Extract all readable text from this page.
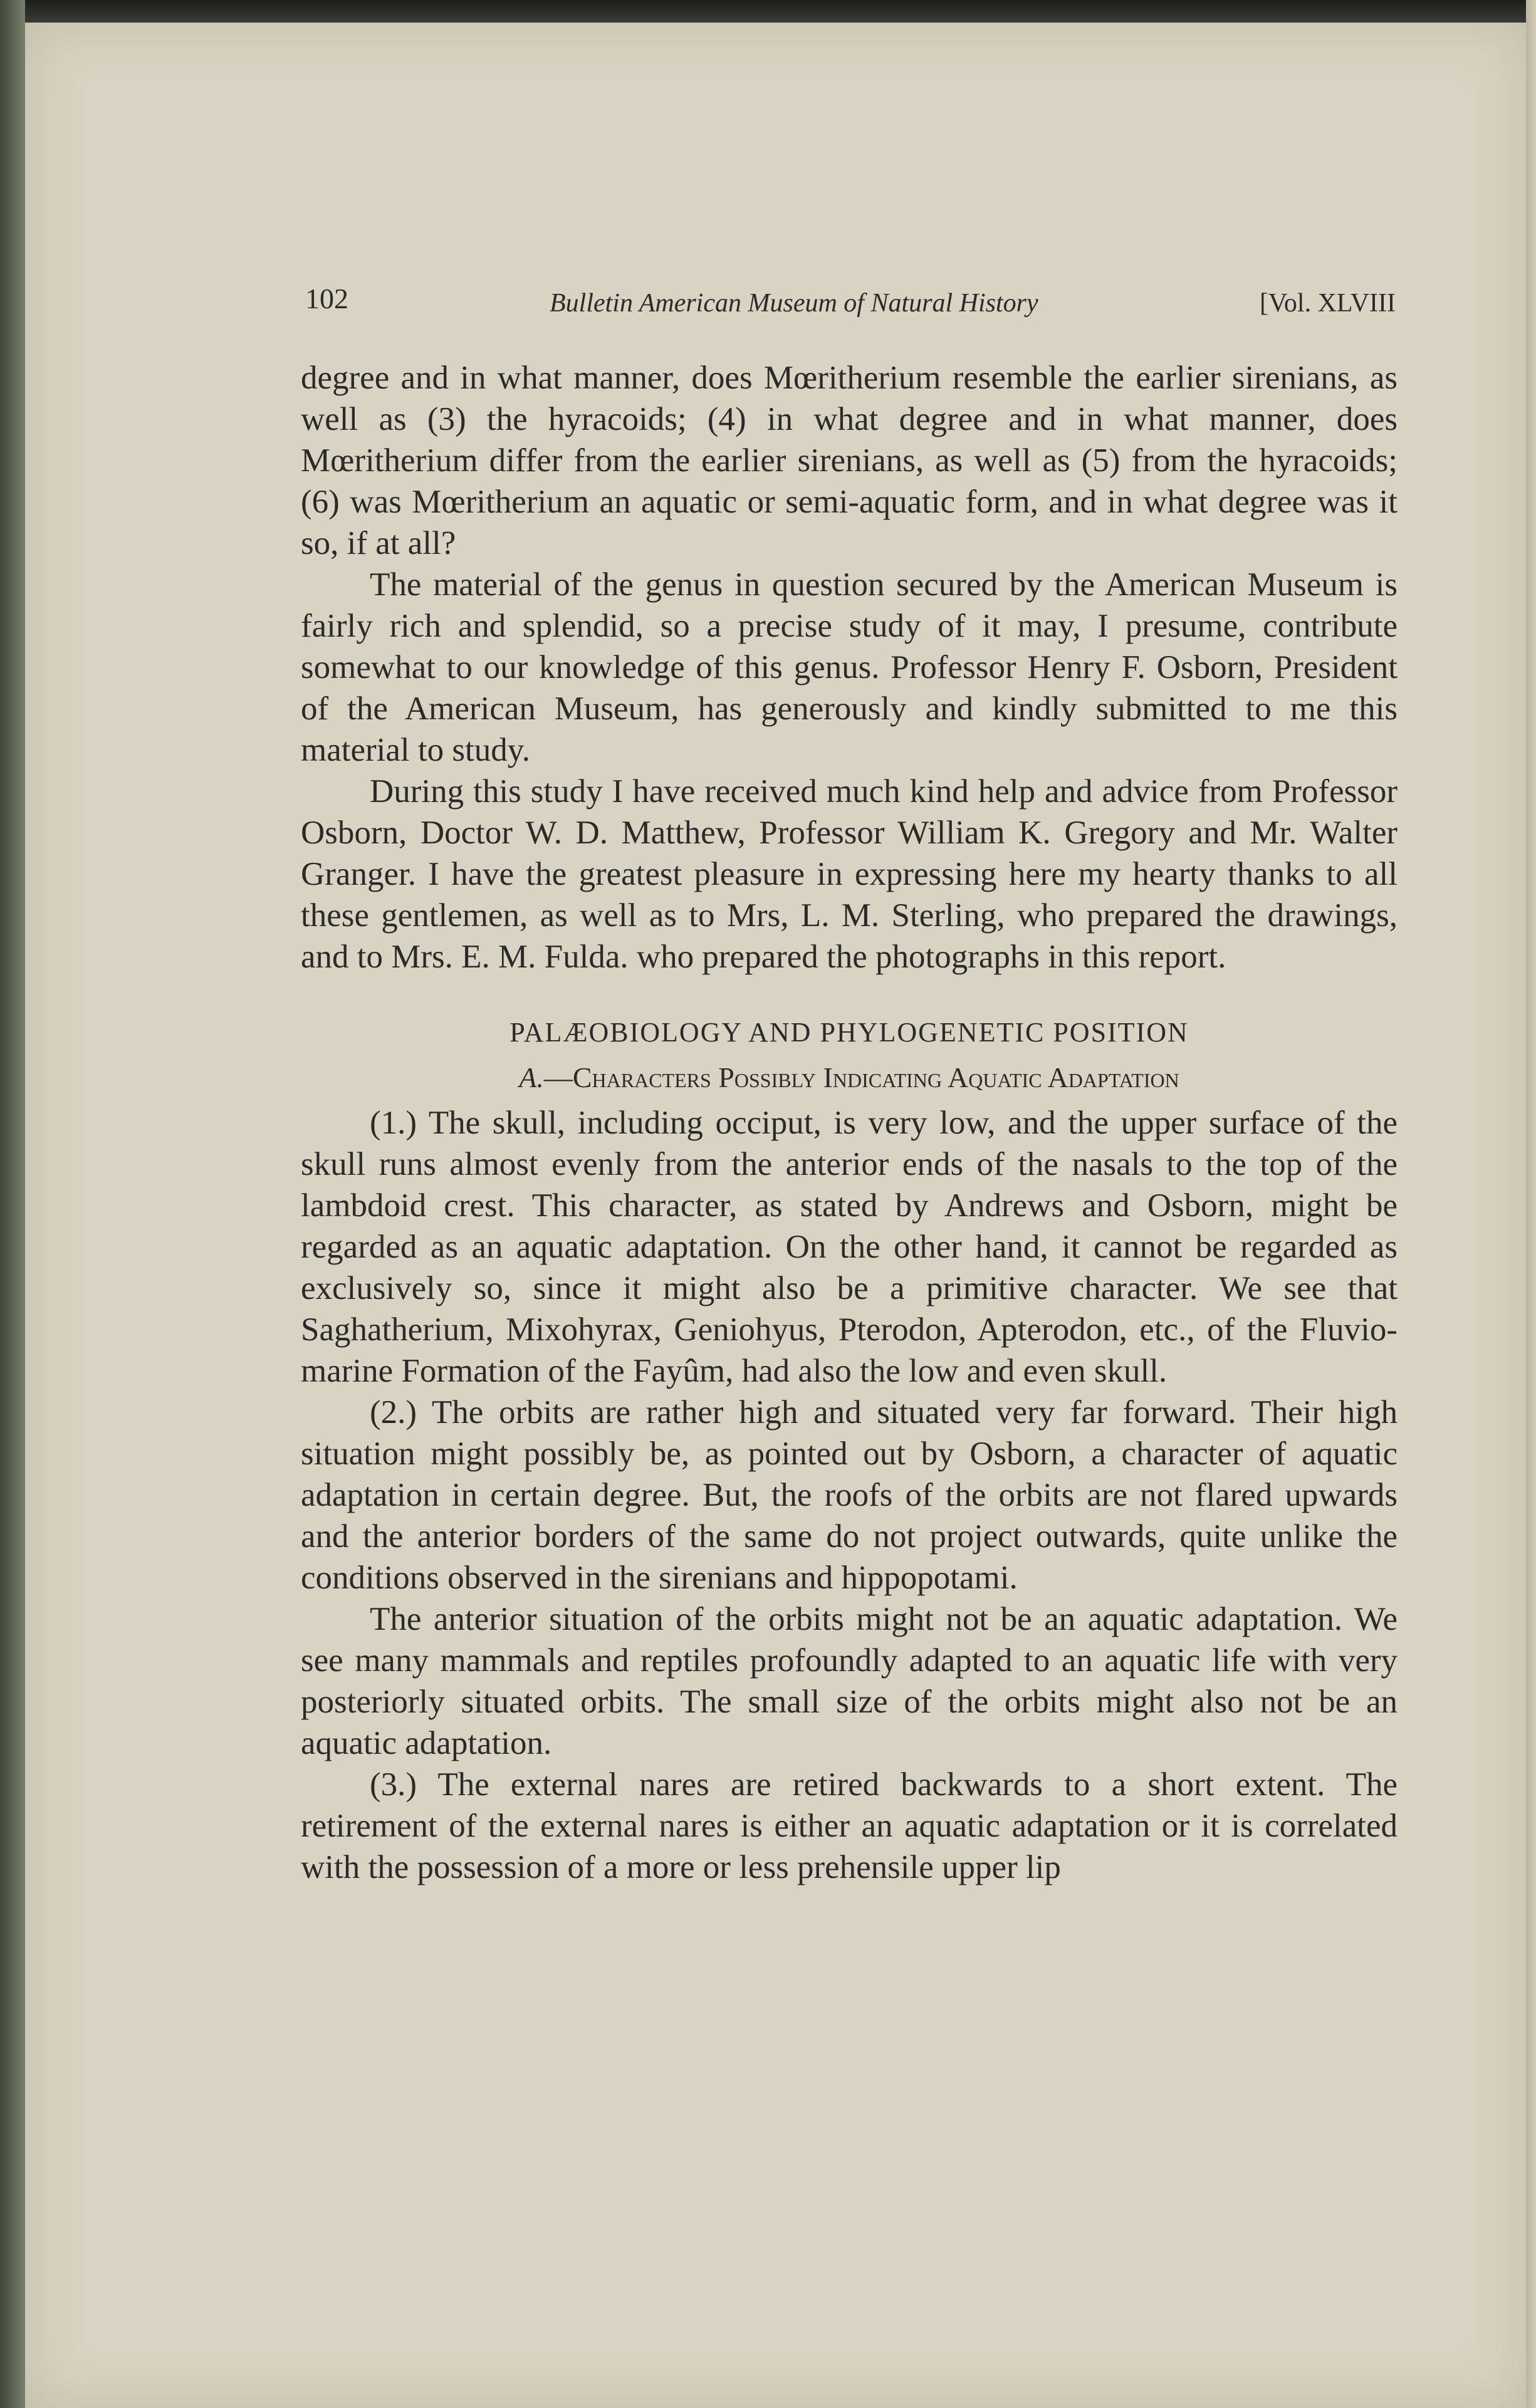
102	Bulletin American Museum of Natural History	[Vol. XLVIII

degree and in what manner, does Mœritherium resemble the earlier sirenians, as well as (3) the hyracoids; (4) in what degree and in what manner, does Mœritherium differ from the earlier sirenians, as well as (5) from the hyracoids; (6) was Mœritherium an aquatic or semi-aquatic form, and in what degree was it so, if at all?

The material of the genus in question secured by the American Museum is fairly rich and splendid, so a precise study of it may, I presume, contribute somewhat to our knowledge of this genus. Professor Henry F. Osborn, President of the American Museum, has generously and kindly submitted to me this material to study.

During this study I have received much kind help and advice from Professor Osborn, Doctor W. D. Matthew, Professor William K. Gregory and Mr. Walter Granger. I have the greatest pleasure in expressing here my hearty thanks to all these gentlemen, as well as to Mrs, L. M. Sterling, who prepared the drawings, and to Mrs. E. M. Fulda. who prepared the photographs in this report.

PALÆOBIOLOGY AND PHYLOGENETIC POSITION
A.—Characters Possibly Indicating Aquatic Adaptation

(1.) The skull, including occiput, is very low, and the upper surface of the skull runs almost evenly from the anterior ends of the nasals to the top of the lambdoid crest. This character, as stated by Andrews and Osborn, might be regarded as an aquatic adaptation. On the other hand, it cannot be regarded as exclusively so, since it might also be a primitive character. We see that Saghatherium, Mixohyrax, Geniohyus, Pterodon, Apterodon, etc., of the Fluvio-marine Formation of the Fayûm, had also the low and even skull.

(2.) The orbits are rather high and situated very far forward. Their high situation might possibly be, as pointed out by Osborn, a character of aquatic adaptation in certain degree. But, the roofs of the orbits are not flared upwards and the anterior borders of the same do not project outwards, quite unlike the conditions observed in the sirenians and hippopotami.

The anterior situation of the orbits might not be an aquatic adaptation. We see many mammals and reptiles profoundly adapted to an aquatic life with very posteriorly situated orbits. The small size of the orbits might also not be an aquatic adaptation.

(3.) The external nares are retired backwards to a short extent. The retirement of the external nares is either an aquatic adaptation or it is correlated with the possession of a more or less prehensile upper lip
